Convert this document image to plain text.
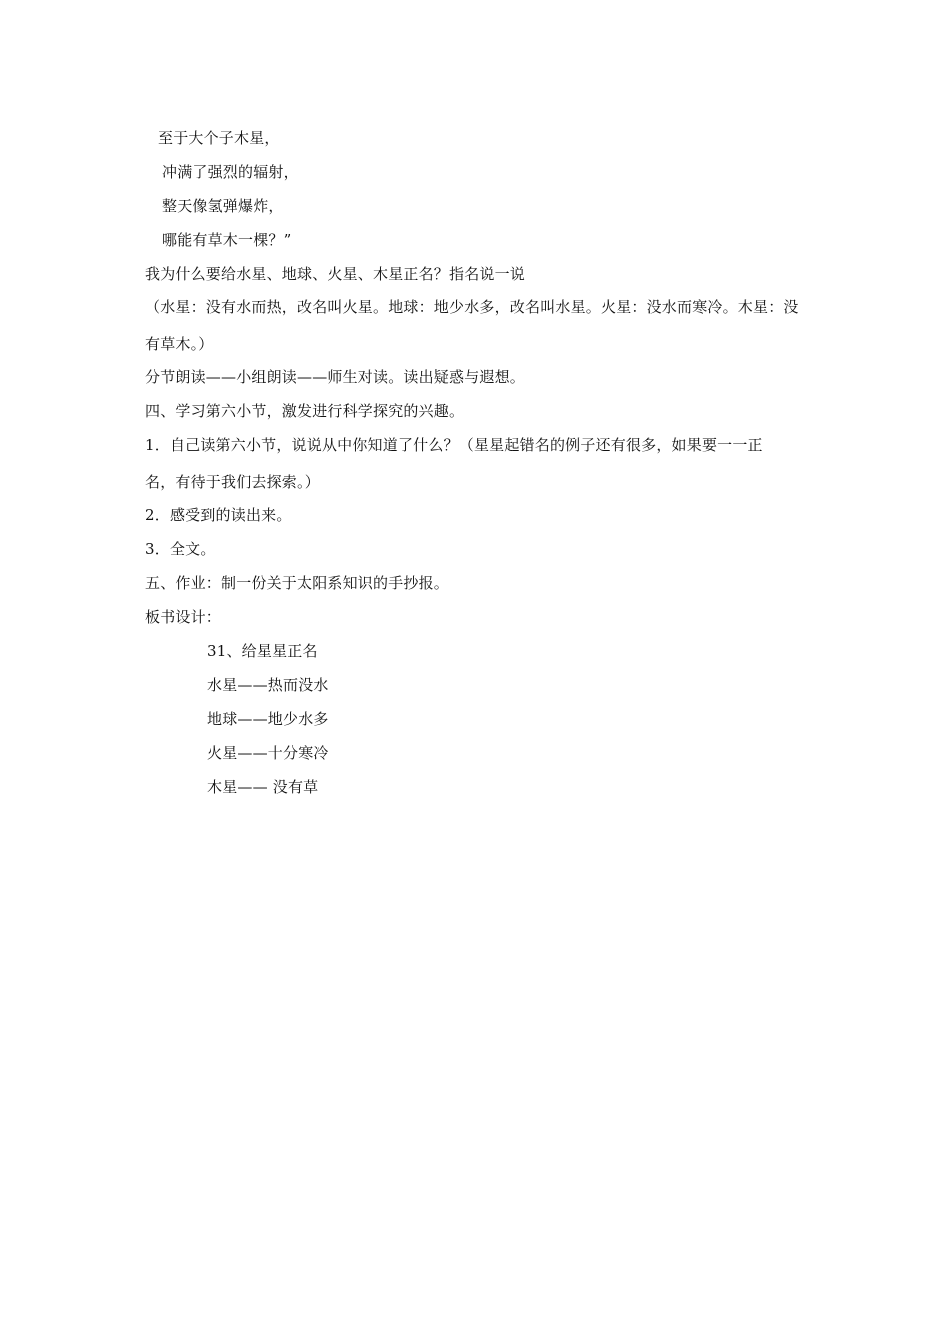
至于大个子木星，
冲满了强烈的辐射，
整天像氢弹爆炸，
哪能有草木一棵？”
我为什么要给水星、地球、火星、木星正名？指名说一说
（水星：没有水而热，改名叫火星。地球：地少水多，改名叫水星。火星：没水而寒冷。木星：没
有草木。）
分节朗读——小组朗读——师生对读。读出疑惑与遐想。
四、学习第六小节，激发进行科学探究的兴趣。
1．自己读第六小节，说说从中你知道了什么？（星星起错名的例子还有很多，如果要一一正
名，有待于我们去探索。）
2．感受到的读出来。
3．全文。
五、作业：制一份关于太阳系知识的手抄报。
板书设计：
31、给星星正名
水星——热而没水
地球——地少水多
火星——十分寒冷
木星—— 没有草
